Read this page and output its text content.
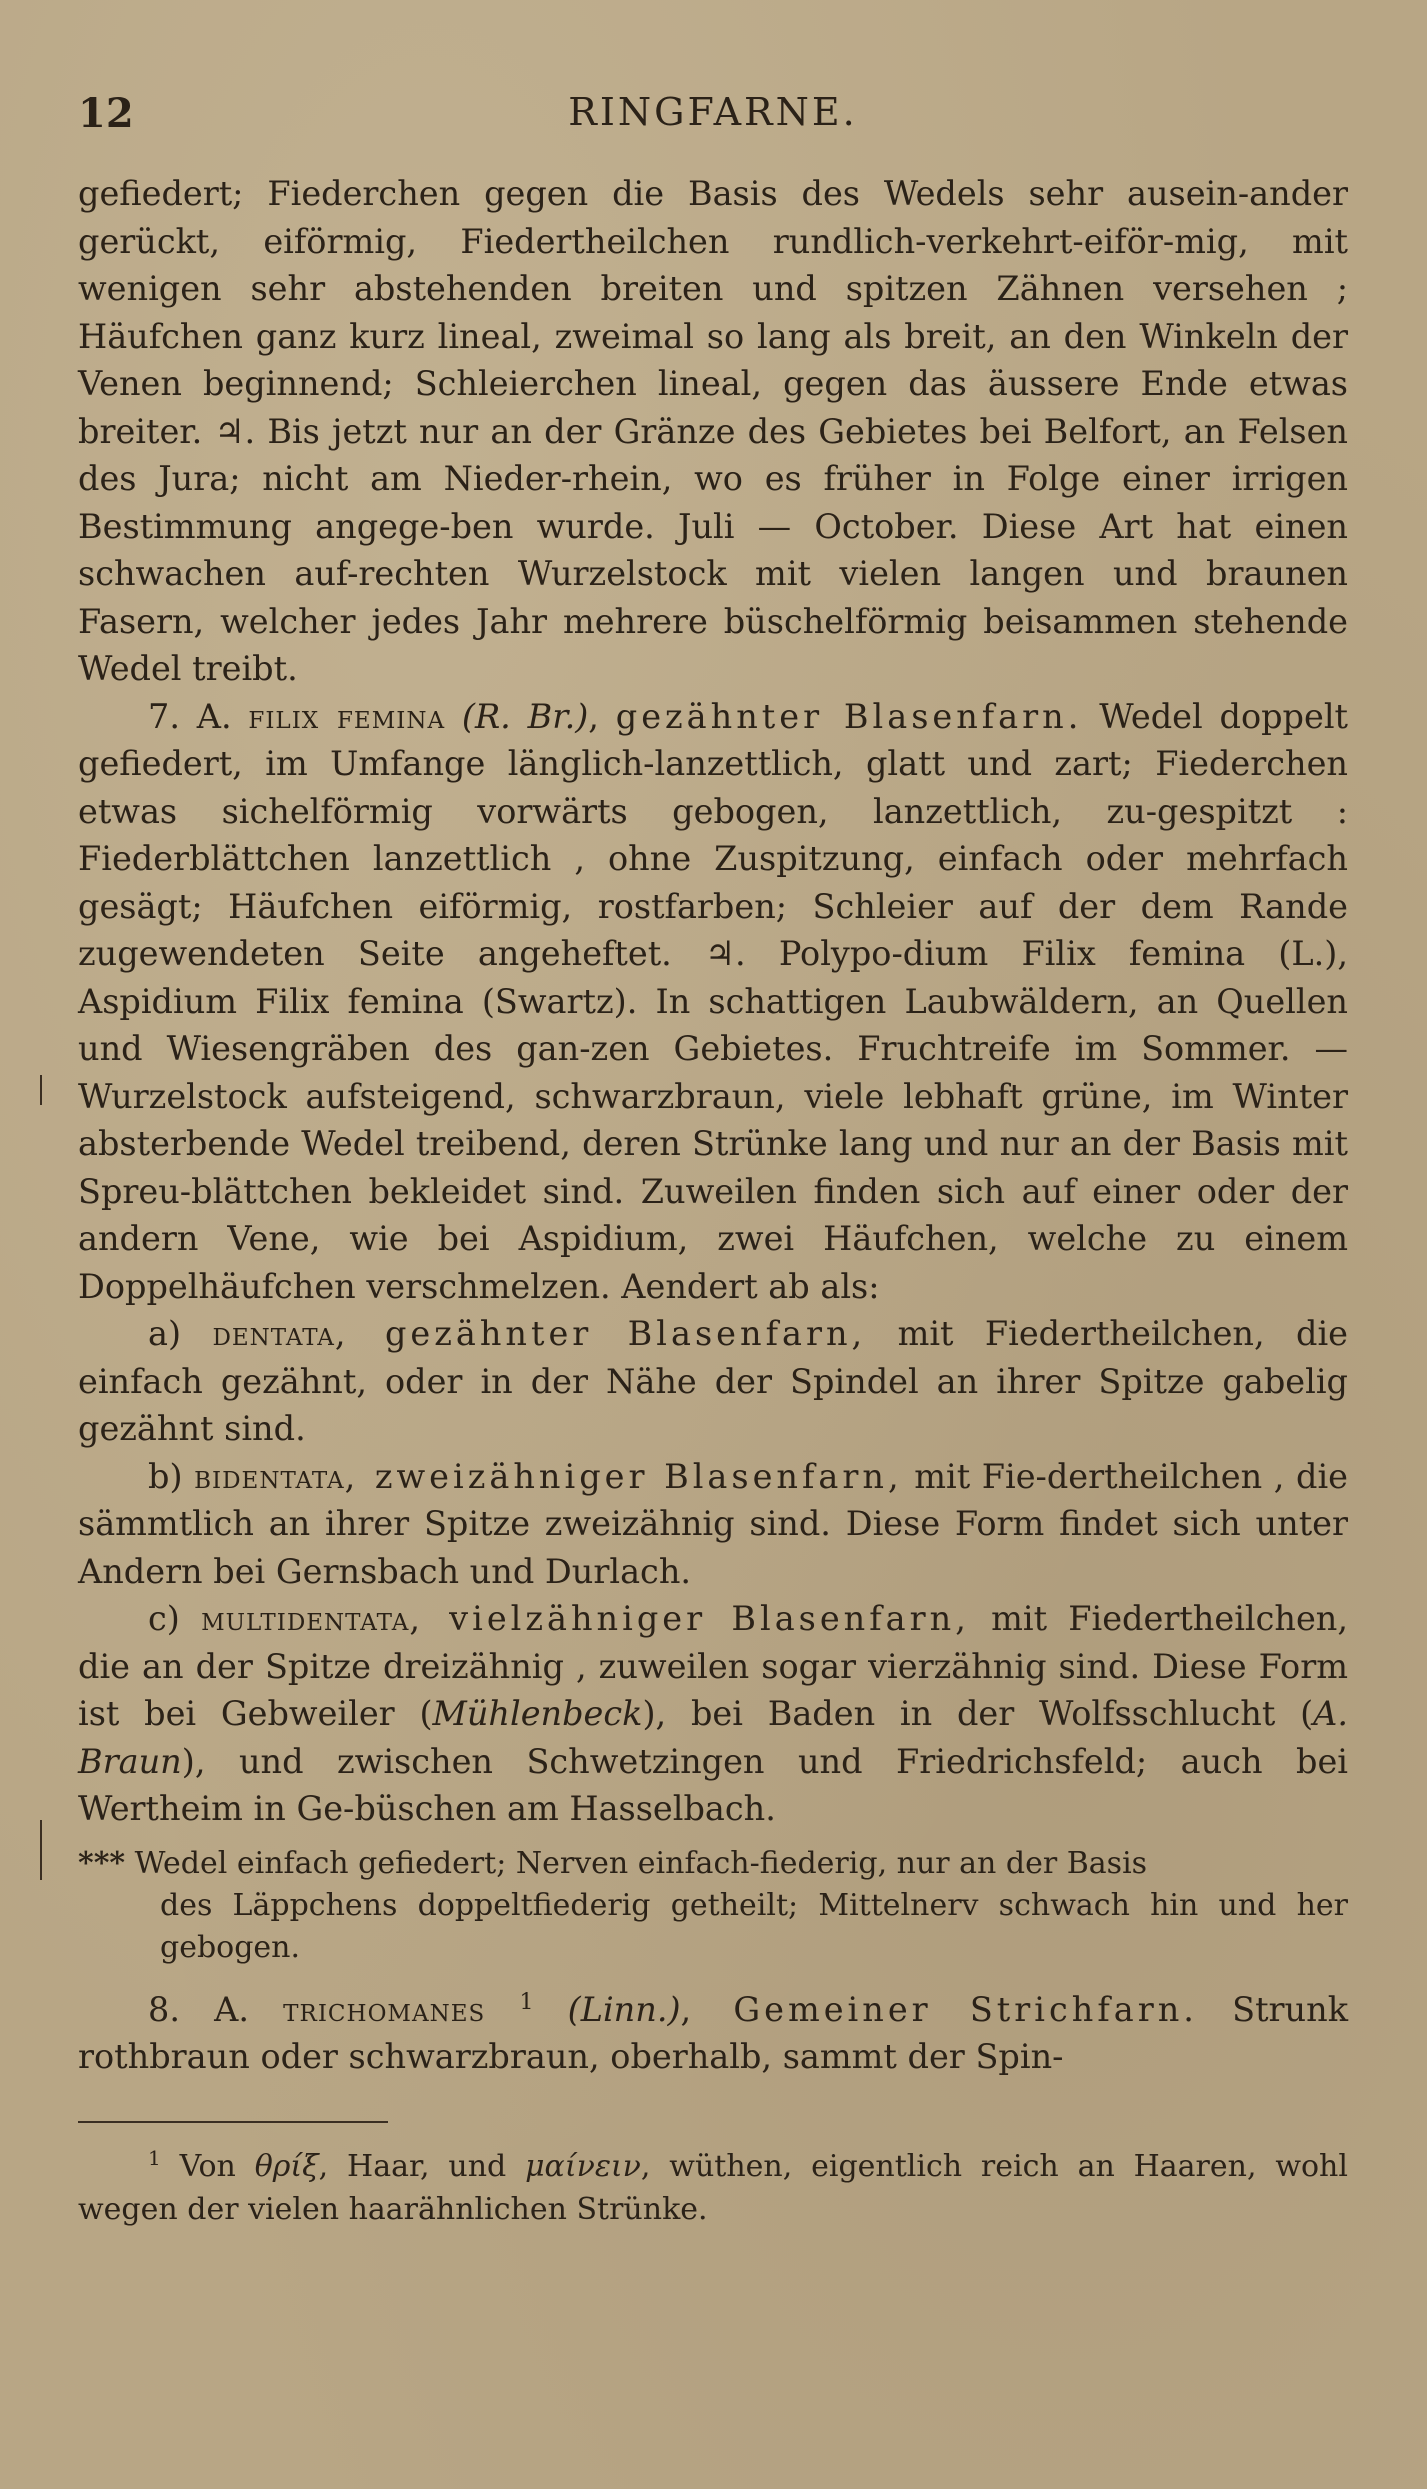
12	RINGFARNE.

gefiedert; Fiederchen gegen die Basis des Wedels sehr ausein-ander gerückt, eiförmig, Fiedertheilchen rundlich-verkehrt-eiför-mig, mit wenigen sehr abstehenden breiten und spitzen Zähnen versehen ; Häufchen ganz kurz lineal, zweimal so lang als breit, an den Winkeln der Venen beginnend; Schleierchen lineal, gegen das äussere Ende etwas breiter. ♃. Bis jetzt nur an der Gränze des Gebietes bei Belfort, an Felsen des Jura; nicht am Nieder-rhein, wo es früher in Folge einer irrigen Bestimmung angege-ben wurde. Juli — October. Diese Art hat einen schwachen auf-rechten Wurzelstock mit vielen langen und braunen Fasern, welcher jedes Jahr mehrere büschelförmig beisammen stehende Wedel treibt.

7. A. filix femina (R. Br.), gezähnter Blasenfarn. Wedel doppelt gefiedert, im Umfange länglich-lanzettlich, glatt und zart; Fiederchen etwas sichelförmig vorwärts gebogen, lanzettlich, zu-gespitzt : Fiederblättchen lanzettlich , ohne Zuspitzung, einfach oder mehrfach gesägt; Häufchen eiförmig, rostfarben; Schleier auf der dem Rande zugewendeten Seite angeheftet. ♃. Polypo-dium Filix femina (L.), Aspidium Filix femina (Swartz). In schattigen Laubwäldern, an Quellen und Wiesengräben des gan-zen Gebietes. Fruchtreife im Sommer. —Wurzelstock aufsteigend, schwarzbraun, viele lebhaft grüne, im Winter absterbende Wedel treibend, deren Strünke lang und nur an der Basis mit Spreu-blättchen bekleidet sind. Zuweilen finden sich auf einer oder der andern Vene, wie bei Aspidium, zwei Häufchen, welche zu einem Doppelhäufchen verschmelzen. Aendert ab als:

a) dentata, gezähnter Blasenfarn, mit Fiedertheilchen, die einfach gezähnt, oder in der Nähe der Spindel an ihrer Spitze gabelig gezähnt sind.

b) bidentata, zweizähniger Blasenfarn, mit Fie-dertheilchen , die sämmtlich an ihrer Spitze zweizähnig sind. Diese Form findet sich unter Andern bei Gernsbach und Durlach.

c) multidentata, vielzähniger Blasenfarn, mit Fiedertheilchen, die an der Spitze dreizähnig , zuweilen sogar vierzähnig sind. Diese Form ist bei Gebweiler (Mühlenbeck), bei Baden in der Wolfsschlucht (A. Braun), und zwischen Schwetzingen und Friedrichsfeld; auch bei Wertheim in Ge-büschen am Hasselbach.

*** Wedel einfach gefiedert; Nerven einfach-fiederig, nur an der Basis
des Läppchens doppeltfiederig getheilt; Mittelnerv schwach hin und her gebogen.

8. A. trichomanes $^1$ (Linn.), Gemeiner Strichfarn. Strunk rothbraun oder schwarzbraun, oberhalb, sammt der Spin-

$^1$ Von θρίξ, Haar, und μαίνειν, wüthen, eigentlich reich an Haaren, wohl wegen der vielen haarähnlichen Strünke.
